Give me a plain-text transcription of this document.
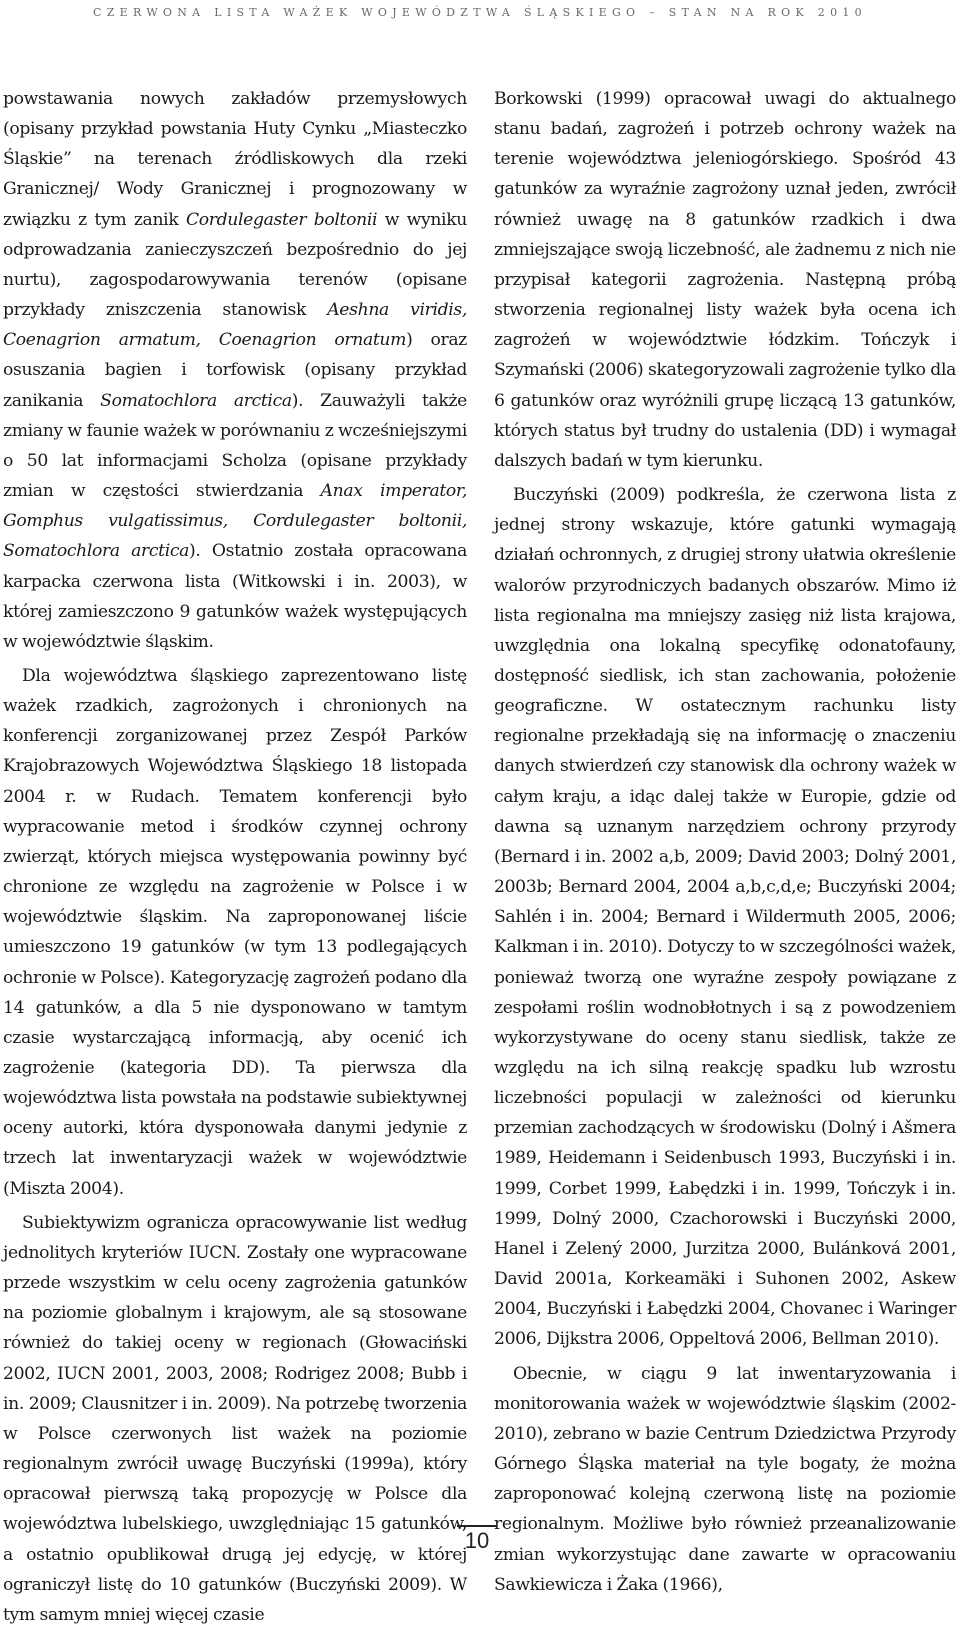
CZERWONA LISTA WAŻEK WOJEWÓDZTWA ŚLĄSKIEGO – STAN NA ROK 2010

powstawania nowych zakładów przemysłowych (opisany przykład powstania Huty Cynku „Miasteczko Śląskie” na terenach źródliskowych dla rzeki Granicznej/ Wody Granicznej i prognozowany w związku z tym zanik Cordulegaster boltonii w wyniku odprowadzania zanieczyszczeń bezpośrednio do jej nurtu), zagospodarowywania terenów (opisane przykłady zniszczenia stanowisk Aeshna viridis, Coenagrion armatum, Coenagrion ornatum) oraz osuszania bagien i torfowisk (opisany przykład zanikania Somatochlora arctica). Zauważyli także zmiany w faunie ważek w porównaniu z wcześniejszymi o 50 lat informacjami Scholza (opisane przykłady zmian w częstości stwierdzania Anax imperator, Gomphus vulgatissimus, Cordulegaster boltonii, Somatochlora arctica). Ostatnio została opracowana karpacka czerwona lista (Witkowski i in. 2003), w której zamieszczono 9 gatunków ważek występujących w województwie śląskim.

Dla województwa śląskiego zaprezentowano listę ważek rzadkich, zagrożonych i chronionych na konferencji zorganizowanej przez Zespół Parków Krajobrazowych Województwa Śląskiego 18 listopada 2004 r. w Rudach. Tematem konferencji było wypracowanie metod i środków czynnej ochrony zwierząt, których miejsca występowania powinny być chronione ze względu na zagrożenie w Polsce i w województwie śląskim. Na zaproponowanej liście umieszczono 19 gatunków (w tym 13 podlegających ochronie w Polsce). Kategoryzację zagrożeń podano dla 14 gatunków, a dla 5 nie dysponowano w tamtym czasie wystarczającą informacją, aby ocenić ich zagrożenie (kategoria DD). Ta pierwsza dla województwa lista powstała na podstawie subiektywnej oceny autorki, która dysponowała danymi jedynie z trzech lat inwentaryzacji ważek w województwie (Miszta 2004).

Subiektywizm ogranicza opracowywanie list według jednolitych kryteriów IUCN. Zostały one wypracowane przede wszystkim w celu oceny zagrożenia gatunków na poziomie globalnym i krajowym, ale są stosowane również do takiej oceny w regionach (Głowaciński 2002, IUCN 2001, 2003, 2008; Rodrigez 2008; Bubb i in. 2009; Clausnitzer i in. 2009). Na potrzebę tworzenia w Polsce czerwonych list ważek na poziomie regionalnym zwrócił uwagę Buczyński (1999a), który opracował pierwszą taką propozycję w Polsce dla województwa lubelskiego, uwzględniając 15 gatunków, a ostatnio opublikował drugą jej edycję, w której ograniczył listę do 10 gatunków (Buczyński 2009). W tym samym mniej więcej czasie

Borkowski (1999) opracował uwagi do aktualnego stanu badań, zagrożeń i potrzeb ochrony ważek na terenie województwa jeleniogórskiego. Spośród 43 gatunków za wyraźnie zagrożony uznał jeden, zwrócił również uwagę na 8 gatunków rzadkich i dwa zmniejszające swoją liczebność, ale żadnemu z nich nie przypisał kategorii zagrożenia. Następną próbą stworzenia regionalnej listy ważek była ocena ich zagrożeń w województwie łódzkim. Tończyk i Szymański (2006) skategoryzowali zagrożenie tylko dla 6 gatunków oraz wyróżnili grupę liczącą 13 gatunków, których status był trudny do ustalenia (DD) i wymagał dalszych badań w tym kierunku.

Buczyński (2009) podkreśla, że czerwona lista z jednej strony wskazuje, które gatunki wymagają działań ochronnych, z drugiej strony ułatwia określenie walorów przyrodniczych badanych obszarów. Mimo iż lista regionalna ma mniejszy zasięg niż lista krajowa, uwzględnia ona lokalną specyfikę odonatofauny, dostępność siedlisk, ich stan zachowania, położenie geograficzne. W ostatecznym rachunku listy regionalne przekładają się na informację o znaczeniu danych stwierdzeń czy stanowisk dla ochrony ważek w całym kraju, a idąc dalej także w Europie, gdzie od dawna są uznanym narzędziem ochrony przyrody (Bernard i in. 2002 a,b, 2009; David 2003; Dolný 2001, 2003b; Bernard 2004, 2004 a,b,c,d,e; Buczyński 2004; Sahlén i in. 2004; Bernard i Wildermuth 2005, 2006; Kalkman i in. 2010). Dotyczy to w szczególności ważek, ponieważ tworzą one wyraźne zespoły powiązane z zespołami roślin wodnobłotnych i są z powodzeniem wykorzystywane do oceny stanu siedlisk, także ze względu na ich silną reakcję spadku lub wzrostu liczebności populacji w zależności od kierunku przemian zachodzących w środowisku (Dolný i Ašmera 1989, Heidemann i Seidenbusch 1993, Buczyński i in. 1999, Corbet 1999, Łabędzki i in. 1999, Tończyk i in. 1999, Dolný 2000, Czachorowski i Buczyński 2000, Hanel i Zelený 2000, Jurzitza 2000, Bulánková 2001, David 2001a, Korkeamäki i Suhonen 2002, Askew 2004, Buczyński i Łabędzki 2004, Chovanec i Waringer 2006, Dijkstra 2006, Oppeltová 2006, Bellman 2010).

Obecnie, w ciągu 9 lat inwentaryzowania i monitorowania ważek w województwie śląskim (2002-2010), zebrano w bazie Centrum Dziedzictwa Przyrody Górnego Śląska materiał na tyle bogaty, że można zaproponować kolejną czerwoną listę na poziomie regionalnym. Możliwe było również przeanalizowanie zmian wykorzystując dane zawarte w opracowaniu Sawkiewicza i Żaka (1966),

10
